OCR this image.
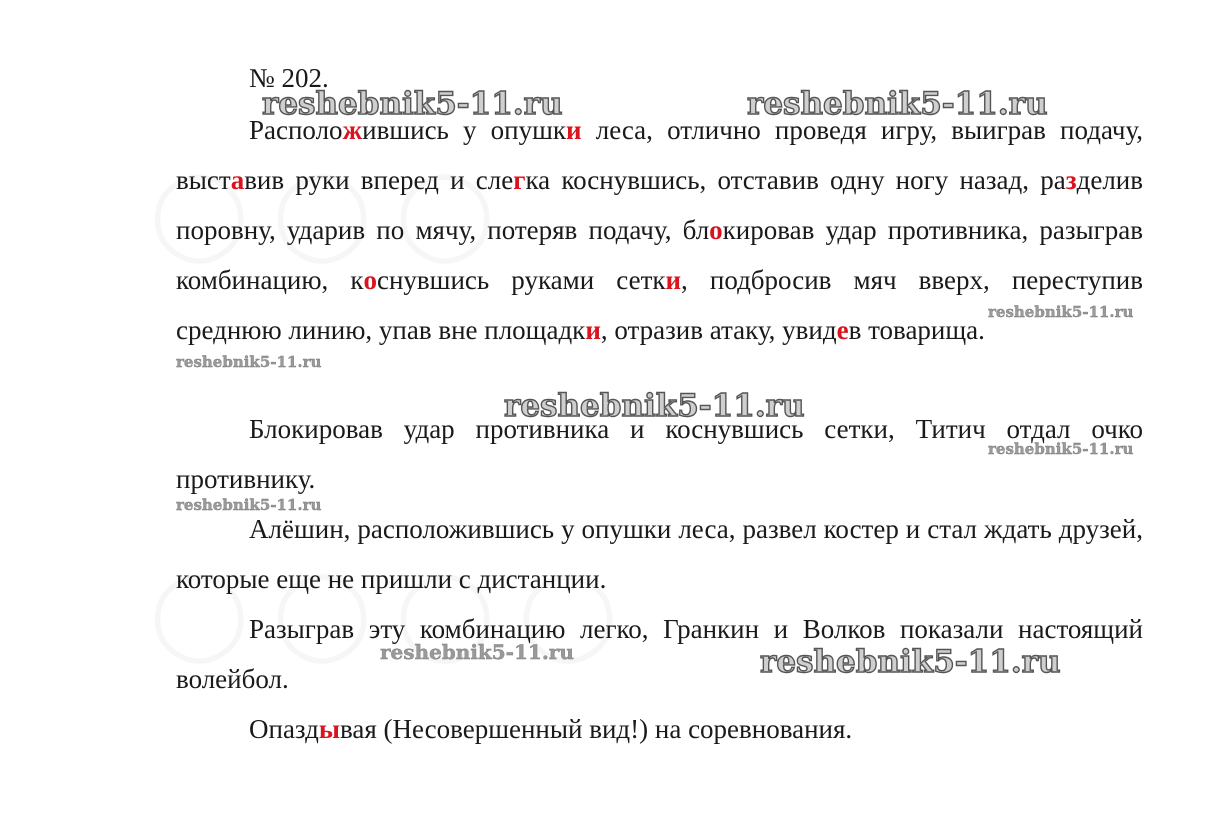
№ 202.

Расположившись у опушки леса, отлично проведя игру, выиграв подачу, выставив руки вперед и слегка коснувшись, отставив одну ногу назад, разделив поровну, ударив по мячу, потеряв подачу, блокировав удар противника, разыграв комбинацию, коснувшись руками сетки, подбросив мяч вверх, переступив среднюю линию, упав вне площадки, отразив атаку, увидев товарища.

Блокировав удар противника и коснувшись сетки, Титич отдал очко противнику.

Алёшин, расположившись у опушки леса, развел костер и стал ждать друзей, которые еще не пришли с дистанции.

Разыграв эту комбинацию легко, Гранкин и Волков показали настоящий волейбол.

Опаздывая (Несовершенный вид!) на соревнования.

reshebnik5-11.ru	reshebnik5-11.ru
reshebnik5-11.ru
reshebnik5-11.ru
reshebnik5-11.ru
reshebnik5-11.ru
reshebnik5-11.ru
reshebnik5-11.ru	reshebnik5-11.ru
